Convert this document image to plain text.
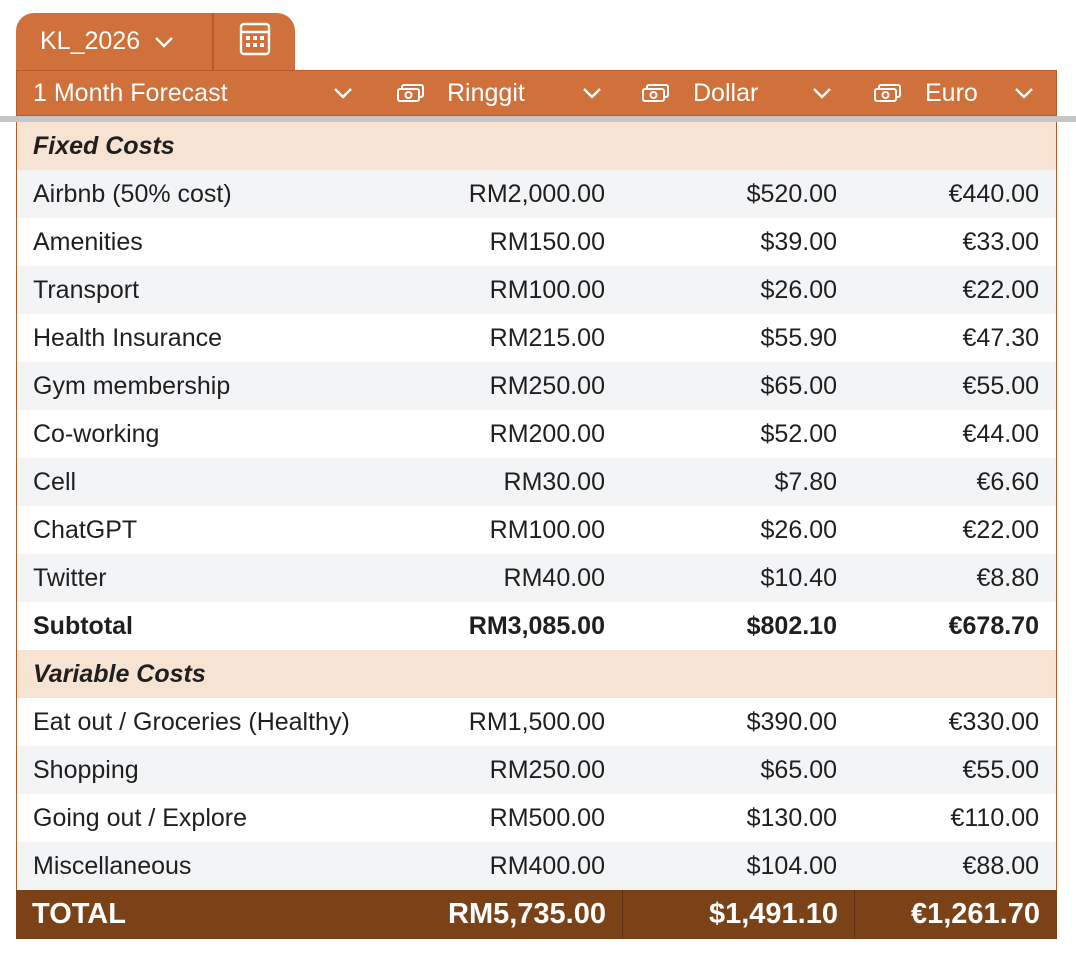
KL_2026
1 Month Forecast	Ringgit	Dollar	Euro
Fixed Costs
Airbnb (50% cost)	RM2,000.00	$520.00	€440.00
Amenities	RM150.00	$39.00	€33.00
Transport	RM100.00	$26.00	€22.00
Health Insurance	RM215.00	$55.90	€47.30
Gym membership	RM250.00	$65.00	€55.00
Co-working	RM200.00	$52.00	€44.00
Cell	RM30.00	$7.80	€6.60
ChatGPT	RM100.00	$26.00	€22.00
Twitter	RM40.00	$10.40	€8.80
Subtotal	RM3,085.00	$802.10	€678.70
Variable Costs
Eat out / Groceries (Healthy)	RM1,500.00	$390.00	€330.00
Shopping	RM250.00	$65.00	€55.00
Going out / Explore	RM500.00	$130.00	€110.00
Miscellaneous	RM400.00	$104.00	€88.00
TOTAL	RM5,735.00	$1,491.10	€1,261.70
